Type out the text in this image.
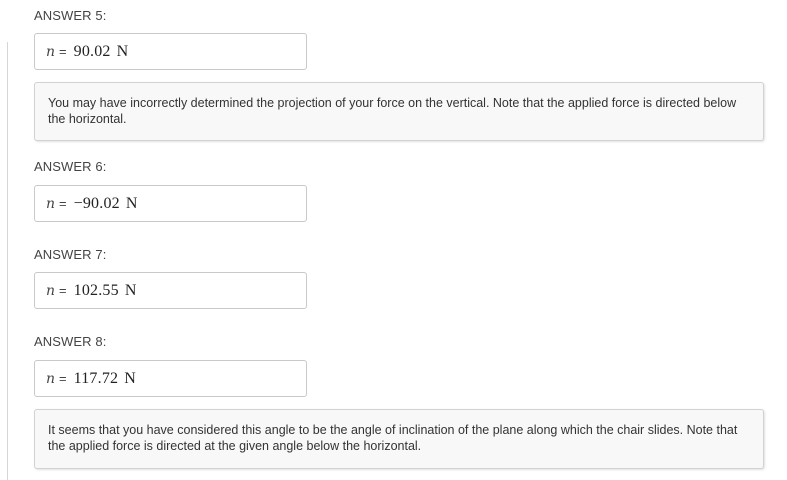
ANSWER 5:
n = 90.02 N
You may have incorrectly determined the projection of your force on the vertical. Note that the applied force is directed below the horizontal.
ANSWER 6:
n = −90.02 N
ANSWER 7:
n = 102.55 N
ANSWER 8:
n = 117.72 N
It seems that you have considered this angle to be the angle of inclination of the plane along which the chair slides. Note that the applied force is directed at the given angle below the horizontal.
